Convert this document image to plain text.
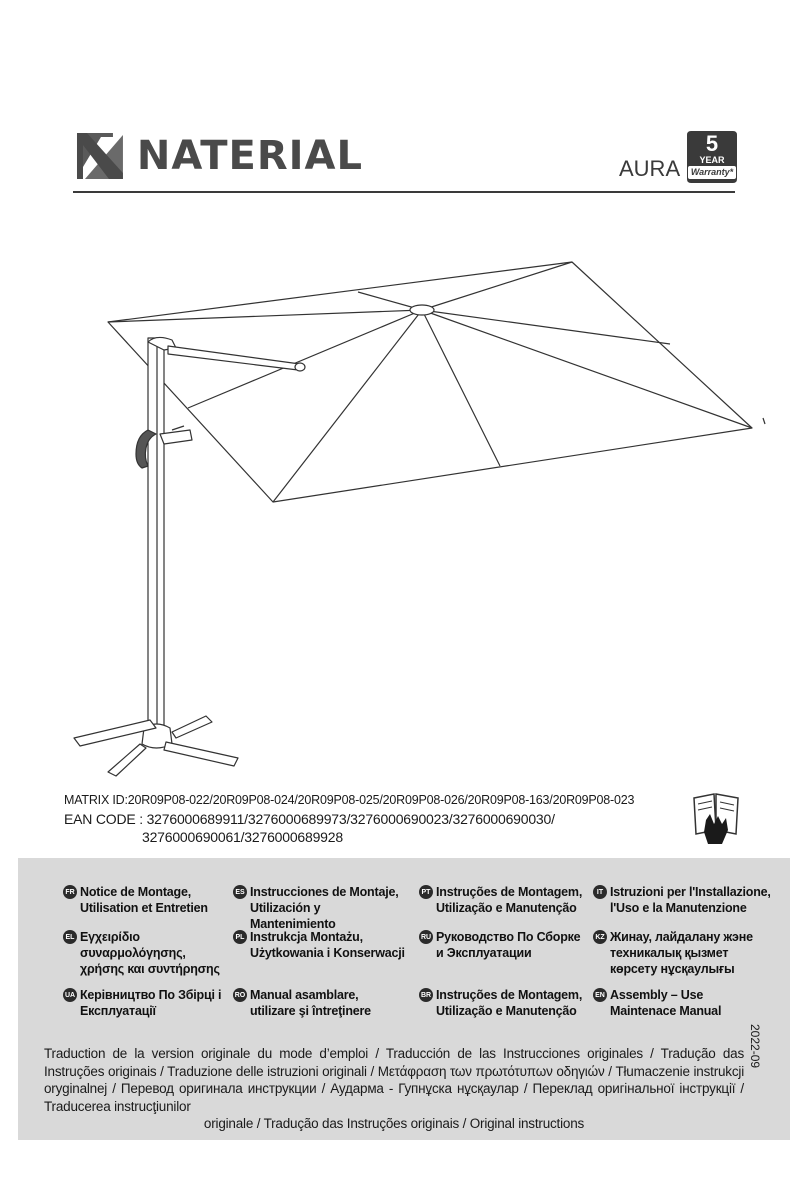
NATERIAL	AURA
5
YEAR
Warranty*
MATRIX ID:20R09P08-022/20R09P08-024/20R09P08-025/20R09P08-026/20R09P08-163/20R09P08-023
EAN CODE : 3276000689911/3276000689973/3276000690023/3276000690030/
3276000690061/3276000689928
FR Notice de Montage, Utilisation et Entretien
ES Instrucciones de Montaje, Utilización y Mantenimiento
PT Instruções de Montagem, Utilização e Manutenção
IT Istruzioni per l'Installazione, l'Uso e la Manutenzione
EL Εγχειρίδιο συναρμολόγησης, χρήσης και συντήρησης
PL Instrukcja Montażu, Użytkowania i Konserwacji
RU Руководство По Сборке и Эксплуатации
KZ Жинау, лайдалану жэне техникалық қызмет көрсету нұсқаулығы
UA Керівництво По Збірці і Експлуатації
RO Manual asamblare, utilizare şi întreţinere
BR Instruções de Montagem, Utilização e Manutenção
EN Assembly – Use Maintenace Manual
Traduction de la version originale du mode d’emploi / Traducción de las Instrucciones originales / Tradução das Instruções originais / Traduzione delle istruzioni originali / Μετάφραση των πρωτότυπων οδηγιών / Tłumaczenie instrukcji oryginalnej / Перевод оригинала инструкции / Аударма - Гупнұска нұсқаулар / Переклад оригінальної інструкції / Traducerea instrucţiunilor
originale / Tradução das Instruções originais / Original instructions
2022-09
